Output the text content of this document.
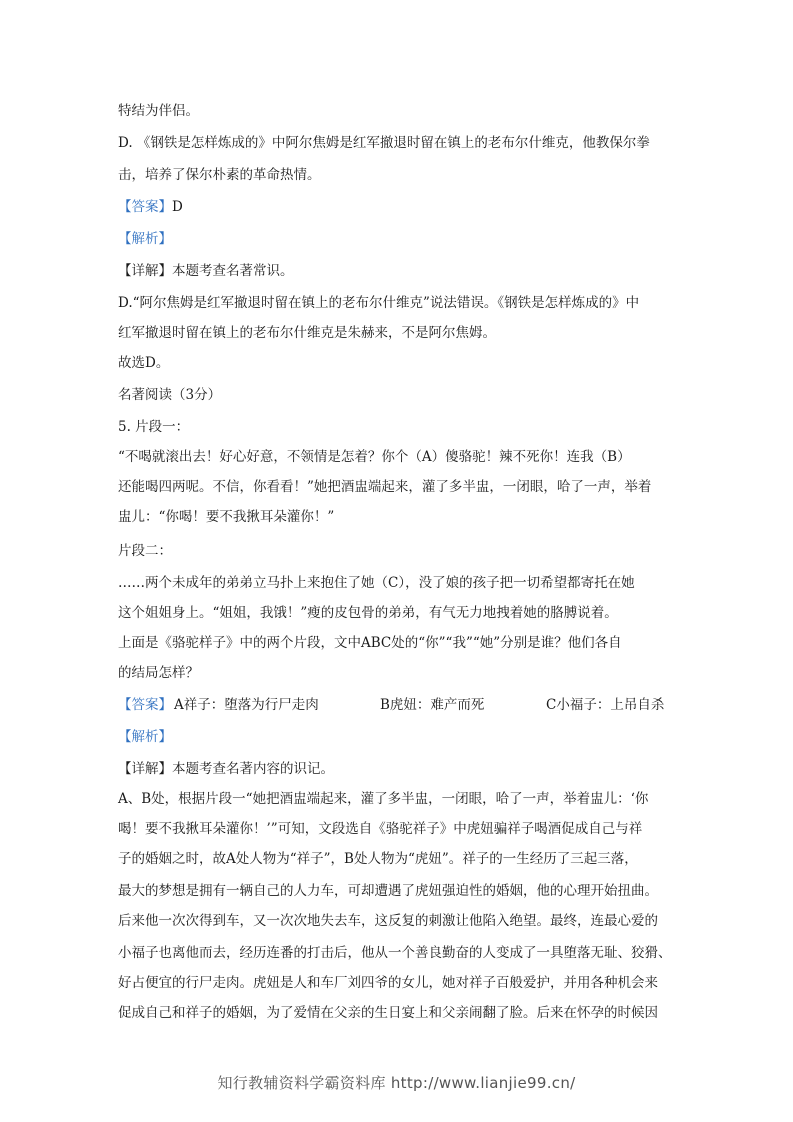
特结为伴侣。
D. 《钢铁是怎样炼成的》中阿尔焦姆是红军撤退时留在镇上的老布尔什维克，他教保尔拳
击，培养了保尔朴素的革命热情。
【答案】D
【解析】
【详解】本题考查名著常识。
D.“阿尔焦姆是红军撤退时留在镇上的老布尔什维克”说法错误。《钢铁是怎样炼成的》中
红军撤退时留在镇上的老布尔什维克是朱赫来，不是阿尔焦姆。
故选D。
名著阅读（3分）
5. 片段一：
“不喝就滚出去！好心好意，不领情是怎着？你个（A）傻骆驼！辣不死你！连我（B）
还能喝四两呢。不信，你看看！”她把酒盅端起来，灌了多半盅，一闭眼，哈了一声，举着
盅儿：“你喝！要不我揪耳朵灌你！”
片段二：
……两个未成年的弟弟立马扑上来抱住了她（C），没了娘的孩子把一切希望都寄托在她
这个姐姐身上。“姐姐，我饿！”瘦的皮包骨的弟弟，有气无力地拽着她的胳膊说着。
上面是《骆驼样子》中的两个片段，文中ABC处的“你”“我”“她”分别是谁？他们各自
的结局怎样？
【答案】 A祥子：堕落为行尸走肉	B虎妞：难产而死	C小福子：上吊自杀
【解析】
【详解】本题考查名著内容的识记。
A、B处，根据片段一“她把酒盅端起来，灌了多半盅，一闭眼，哈了一声，举着盅儿：‘你
喝！要不我揪耳朵灌你！’”可知，文段选自《骆驼祥子》中虎妞骗祥子喝酒促成自己与祥
子的婚姻之时，故A处人物为“祥子”，B处人物为“虎妞”。祥子的一生经历了三起三落，
最大的梦想是拥有一辆自己的人力车，可却遭遇了虎妞强迫性的婚姻，他的心理开始扭曲。
后来他一次次得到车，又一次次地失去车，这反复的刺激让他陷入绝望。最终，连最心爱的
小福子也离他而去，经历连番的打击后，他从一个善良勤奋的人变成了一具堕落无耻、狡猾、
好占便宜的行尸走肉。虎妞是人和车厂刘四爷的女儿，她对祥子百般爱护，并用各种机会来
促成自己和祥子的婚姻，为了爱情在父亲的生日宴上和父亲闹翻了脸。后来在怀孕的时候因
知行教辅资料学霸资料库 http://www.lianjie99.cn/
